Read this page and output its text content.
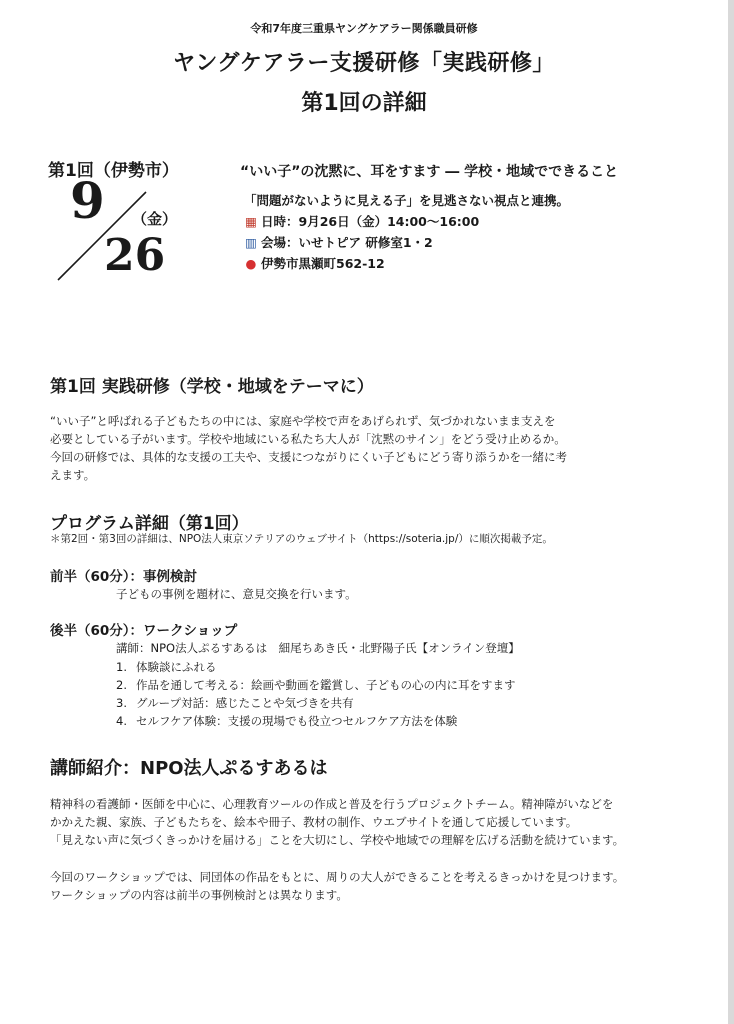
令和7年度三重県ヤングケアラー関係職員研修
ヤングケアラー支援研修「実践研修」
第1回の詳細
第1回（伊勢市）
9 （金）
26
“いい子”の沈黙に、耳をすます ― 学校・地域でできること
「問題がないように見える子」を見逃さない視点と連携。
▦ 日時：9月26日（金）14:00〜16:00
▥ 会場：いせトピア 研修室1・2
● 伊勢市黒瀬町562-12
第1回 実践研修（学校・地域をテーマに）
“いい子”と呼ばれる子どもたちの中には、家庭や学校で声をあげられず、気づかれないまま支えを
必要としている子がいます。学校や地域にいる私たち大人が「沈黙のサイン」をどう受け止めるか。
今回の研修では、具体的な支援の工夫や、支援につながりにくい子どもにどう寄り添うかを一緒に考
えます。
プログラム詳細（第1回）
＊第2回・第3回の詳細は、NPO法人東京ソテリアのウェブサイト（https://soteria.jp/）に順次掲載予定。
前半（60分）：事例検討
子どもの事例を題材に、意見交換を行います。
後半（60分）：ワークショップ
講師：NPO法人ぷるすあるは　細尾ちあき氏・北野陽子氏【オンライン登壇】
1. 体験談にふれる
2. 作品を通して考える：絵画や動画を鑑賞し、子どもの心の内に耳をすます
3. グループ対話：感じたことや気づきを共有
4. セルフケア体験：支援の現場でも役立つセルフケア方法を体験
講師紹介：NPO法人ぷるすあるは
精神科の看護師・医師を中心に、心理教育ツールの作成と普及を行うプロジェクトチーム。精神障がいなどを
かかえた親、家族、子どもたちを、絵本や冊子、教材の制作、ウエブサイトを通して応援しています。
「見えない声に気づくきっかけを届ける」ことを大切にし、学校や地域での理解を広げる活動を続けています。
今回のワークショップでは、同団体の作品をもとに、周りの大人ができることを考えるきっかけを見つけます。
ワークショップの内容は前半の事例検討とは異なります。
